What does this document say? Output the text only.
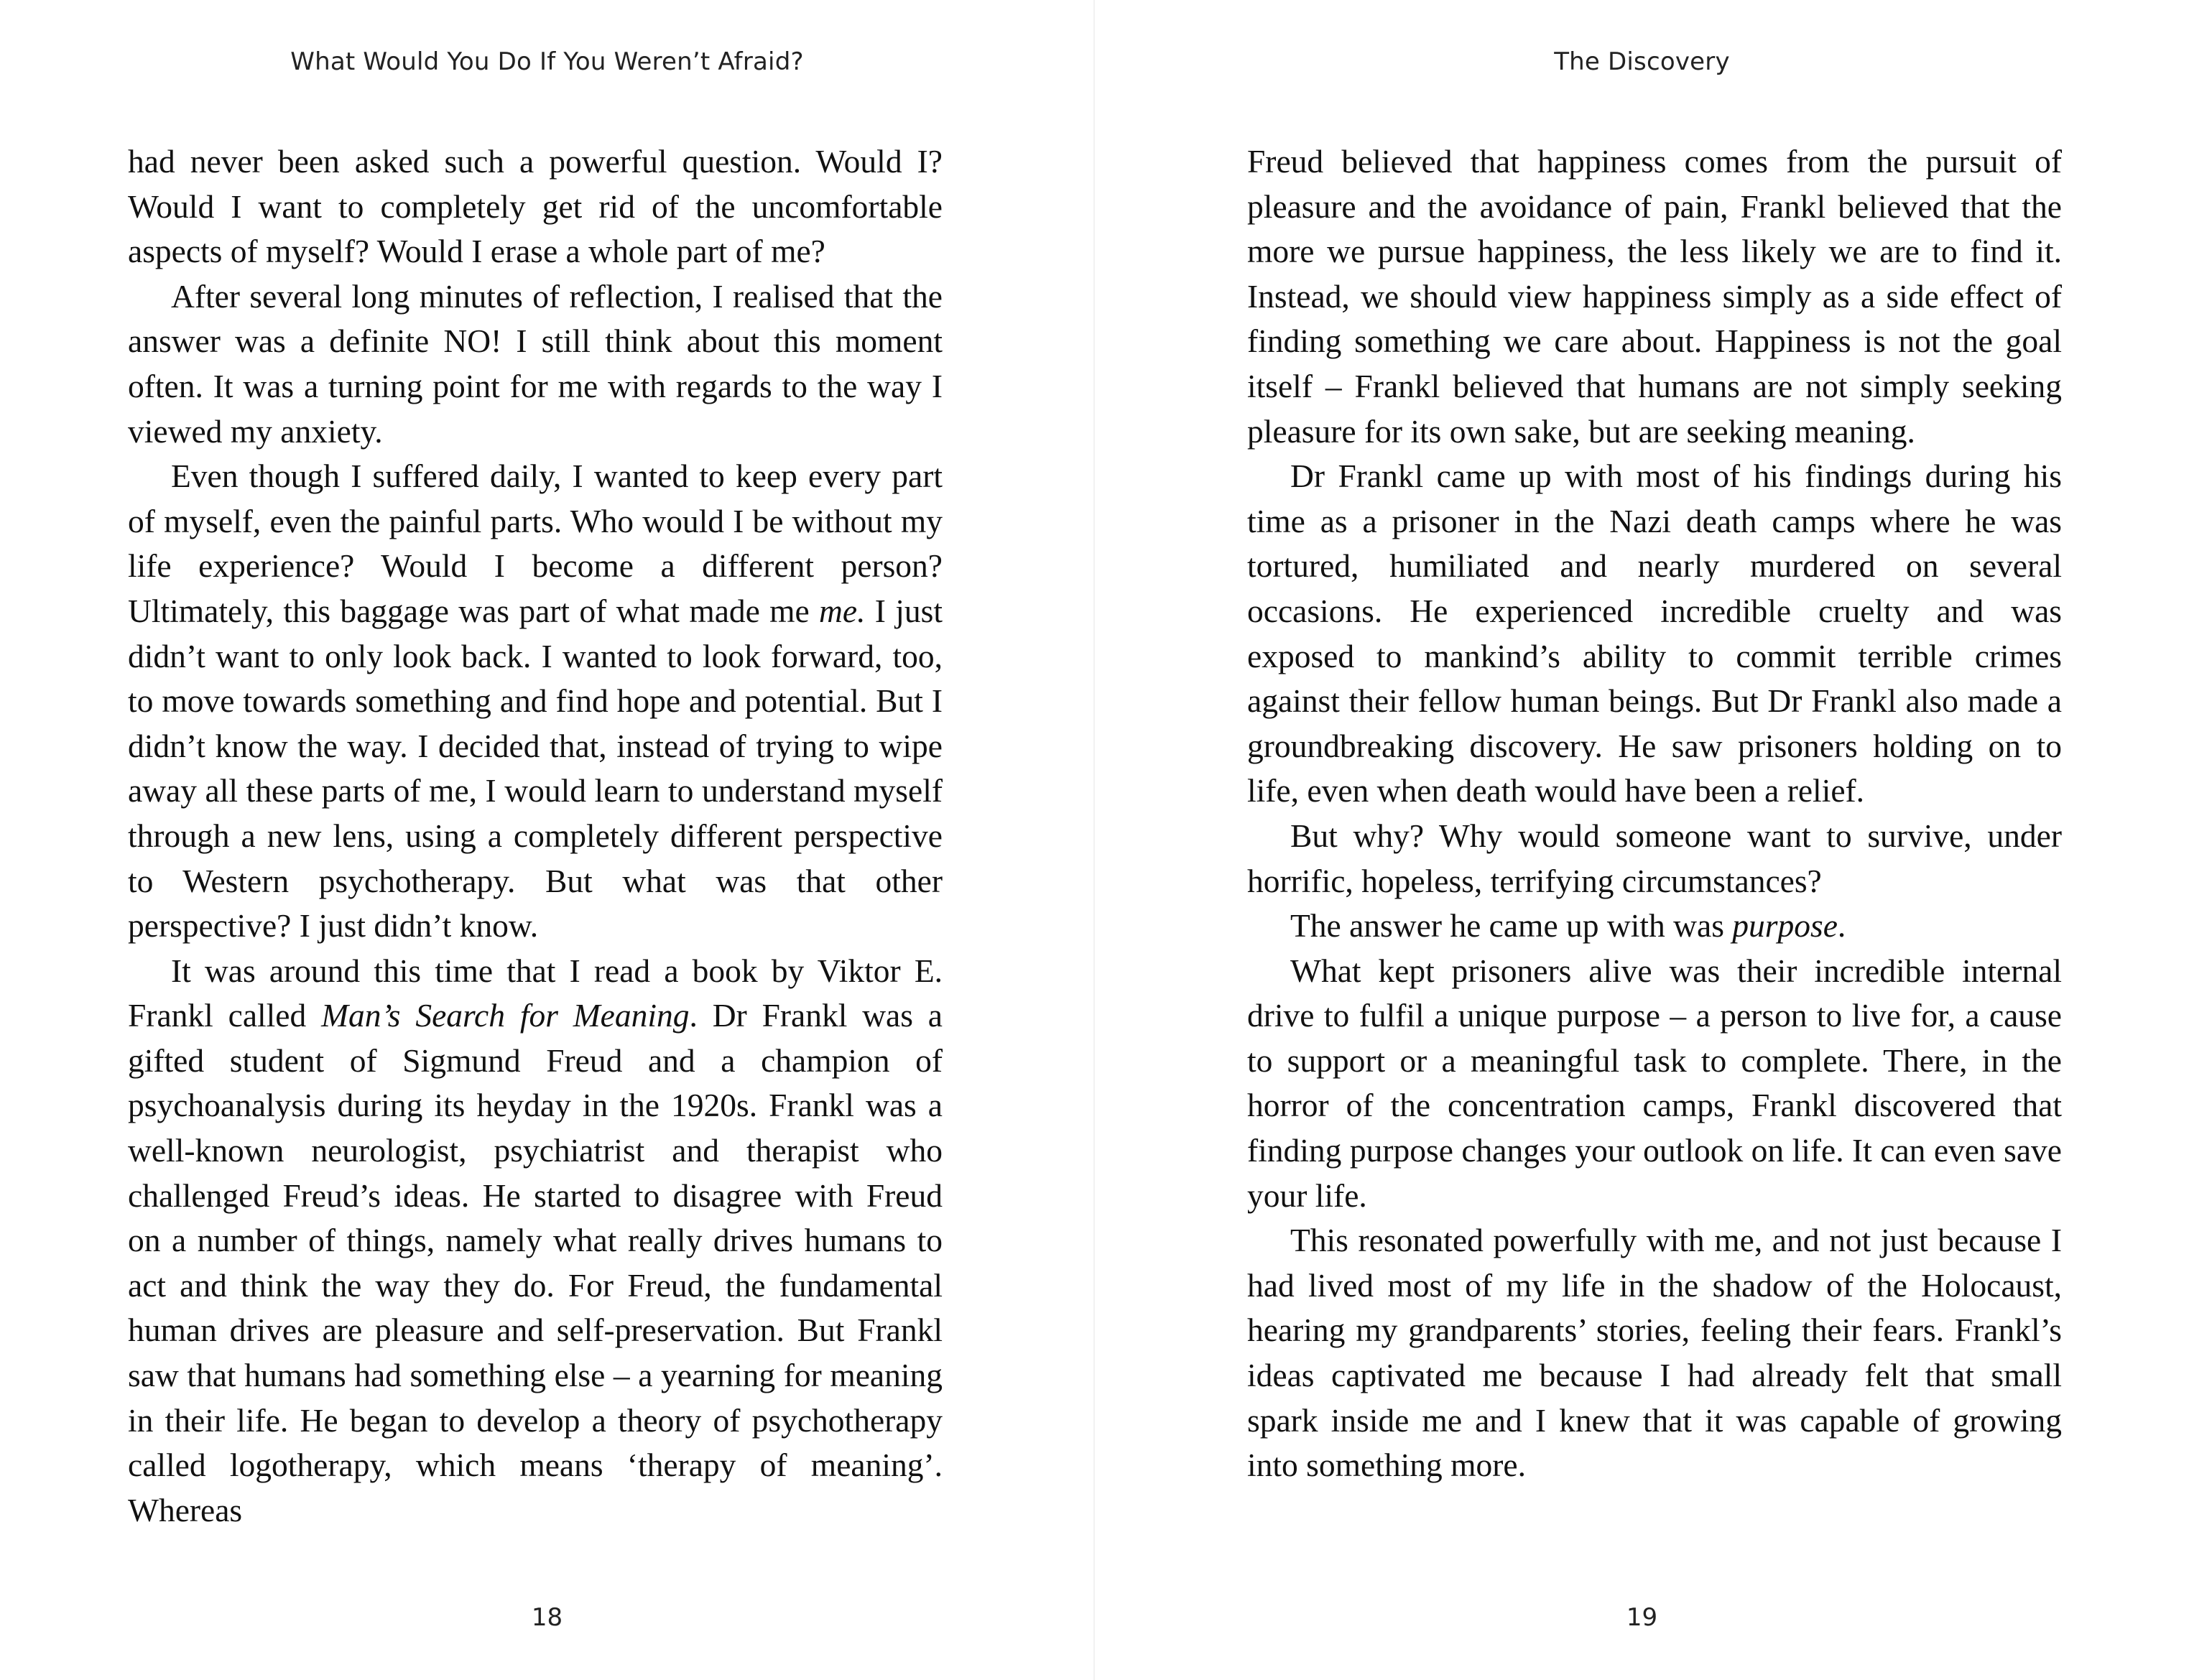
What Would You Do If You Weren’t Afraid?

had never been asked such a powerful question. Would I? Would I want to completely get rid of the uncomfortable aspects of myself? Would I erase a whole part of me?

After several long minutes of reflection, I realised that the answer was a definite NO! I still think about this moment often. It was a turning point for me with regards to the way I viewed my anxiety.

Even though I suffered daily, I wanted to keep every part of myself, even the painful parts. Who would I be without my life experience? Would I become a different person? Ultimately, this baggage was part of what made me me. I just didn’t want to only look back. I wanted to look forward, too, to move towards something and find hope and potential. But I didn’t know the way. I decided that, instead of trying to wipe away all these parts of me, I would learn to understand myself through a new lens, using a completely different perspective to Western psychotherapy. But what was that other perspective? I just didn’t know.

It was around this time that I read a book by Viktor E. Frankl called Man’s Search for Meaning. Dr Frankl was a gifted student of Sigmund Freud and a champion of psychoanalysis during its heyday in the 1920s. Frankl was a well-known neurologist, psychiatrist and therapist who challenged Freud’s ideas. He started to disagree with Freud on a number of things, namely what really drives humans to act and think the way they do. For Freud, the fundamental human drives are pleasure and self-preservation. But Frankl saw that humans had something else – a yearning for meaning in their life. He began to develop a theory of psychotherapy called logotherapy, which means ‘therapy of meaning’. Whereas

18
The Discovery

Freud believed that happiness comes from the pursuit of pleasure and the avoidance of pain, Frankl believed that the more we pursue happiness, the less likely we are to find it. Instead, we should view happiness simply as a side effect of finding something we care about. Happiness is not the goal itself – Frankl believed that humans are not simply seeking pleasure for its own sake, but are seeking meaning.

Dr Frankl came up with most of his findings during his time as a prisoner in the Nazi death camps where he was tortured, humiliated and nearly murdered on several occasions. He experienced incredible cruelty and was exposed to mankind’s ability to commit terrible crimes against their fellow human beings. But Dr Frankl also made a groundbreaking discovery. He saw prisoners holding on to life, even when death would have been a relief.

But why? Why would someone want to survive, under horrific, hopeless, terrifying circumstances?

The answer he came up with was purpose.

What kept prisoners alive was their incredible internal drive to fulfil a unique purpose – a person to live for, a cause to support or a meaningful task to complete. There, in the horror of the concentration camps, Frankl discovered that finding purpose changes your outlook on life. It can even save your life.

This resonated powerfully with me, and not just because I had lived most of my life in the shadow of the Holocaust, hearing my grandparents’ stories, feeling their fears. Frankl’s ideas captivated me because I had already felt that small spark inside me and I knew that it was capable of growing into something more.

19
